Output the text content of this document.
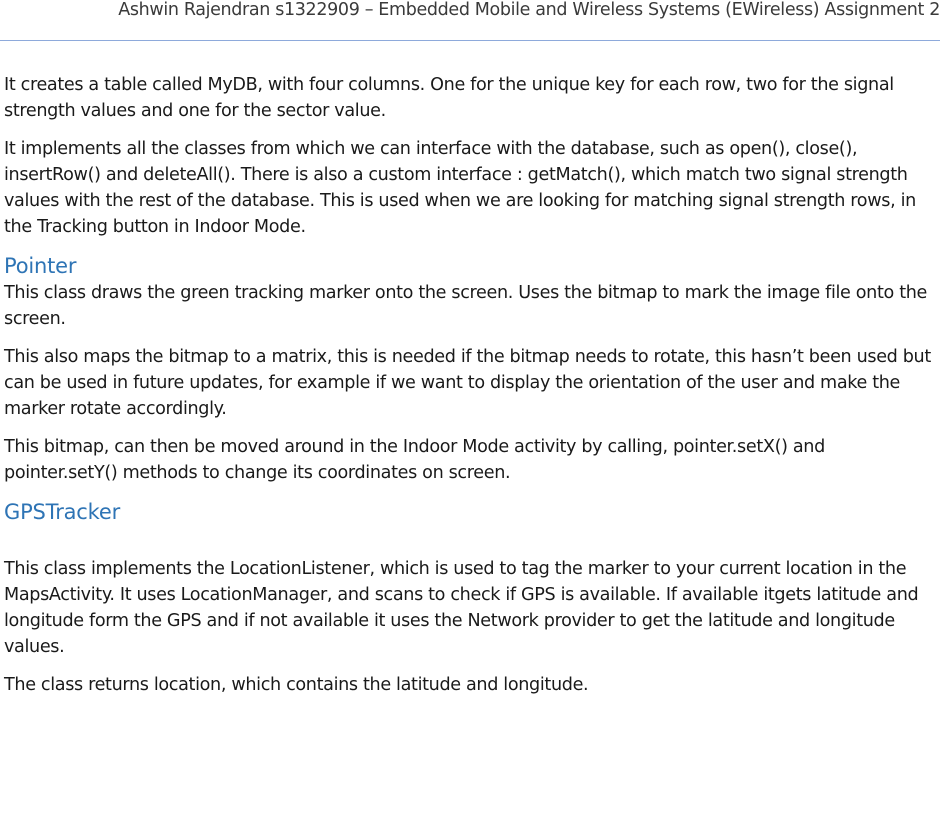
Ashwin Rajendran s1322909 – Embedded Mobile and Wireless Systems (EWireless) Assignment 2

It creates a table called MyDB, with four columns. One for the unique key for each row, two for the signal strength values and one for the sector value.

It implements all the classes from which we can interface with the database, such as open(), close(), insertRow() and deleteAll(). There is also a custom interface : getMatch(), which match two signal strength values with the rest of the database. This is used when we are looking for matching signal strength rows, in the Tracking button in Indoor Mode.

Pointer

This class draws the green tracking marker onto the screen. Uses the bitmap to mark the image file onto the screen.

This also maps the bitmap to a matrix, this is needed if the bitmap needs to rotate, this hasn’t been used but can be used in future updates, for example if we want to display the orientation of the user and make the marker rotate accordingly.

This bitmap, can then be moved around in the Indoor Mode activity by calling, pointer.setX() and pointer.setY() methods to change its coordinates on screen.

GPSTracker

This class implements the LocationListener, which is used to tag the marker to your current location in the MapsActivity. It uses LocationManager, and scans to check if GPS is available. If available itgets latitude and longitude form the GPS and if not available it uses the Network provider to get the latitude and longitude values.

The class returns location, which contains the latitude and longitude.
